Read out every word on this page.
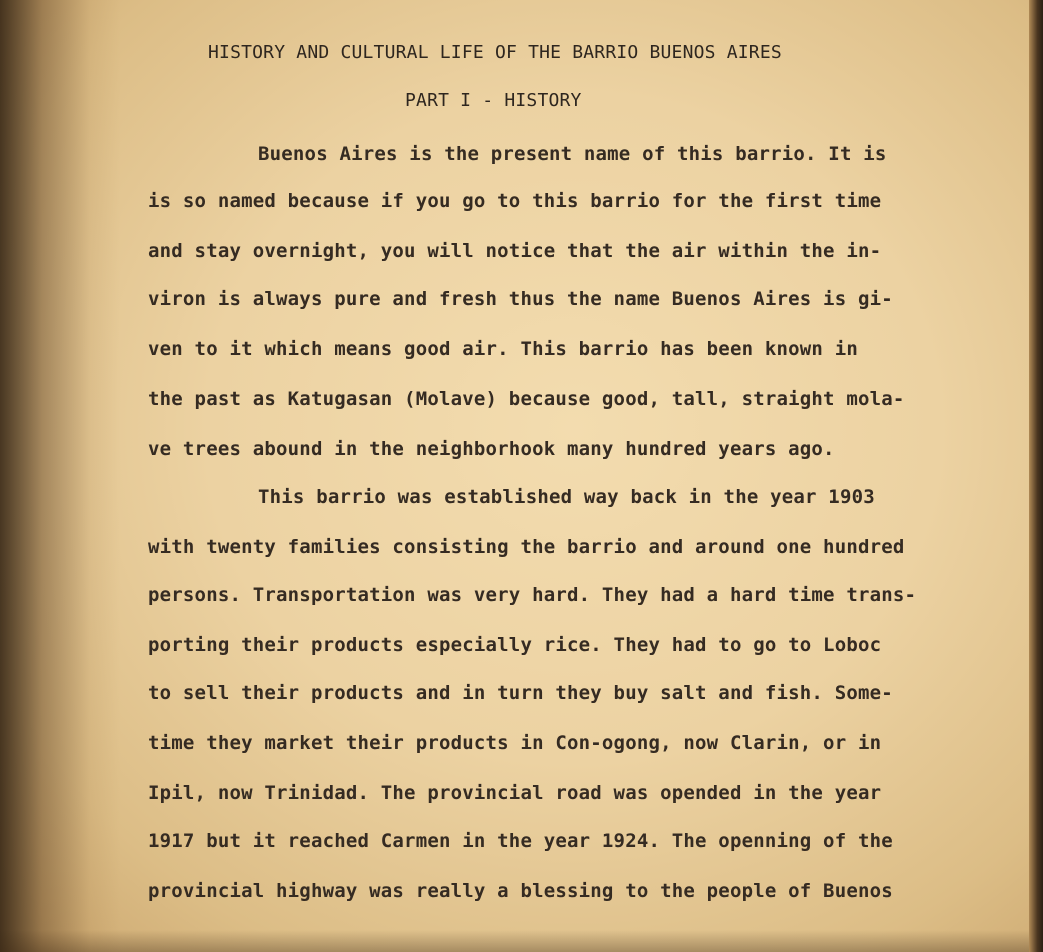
HISTORY AND CULTURAL LIFE OF THE BARRIO BUENOS AIRES
PART I - HISTORY
Buenos Aires is the present name of this barrio. It is
is so named because if you go to this barrio for the first time
and stay overnight, you will notice that the air within the in-
viron is always pure and fresh thus the name Buenos Aires is gi-
ven to it which means good air. This barrio has been known in
the past as Katugasan (Molave) because good, tall, straight mola-
ve trees abound in the neighborhook many hundred years ago.
This barrio was established way back in the year 1903
with twenty families consisting the barrio and around one hundred
persons. Transportation was very hard. They had a hard time trans-
porting their products especially rice. They had to go to Loboc
to sell their products and in turn they buy salt and fish. Some-
time they market their products in Con-ogong, now Clarin, or in
Ipil, now Trinidad. The provincial road was opended in the year
1917 but it reached Carmen in the year 1924. The openning of the
provincial highway was really a blessing to the people of Buenos
